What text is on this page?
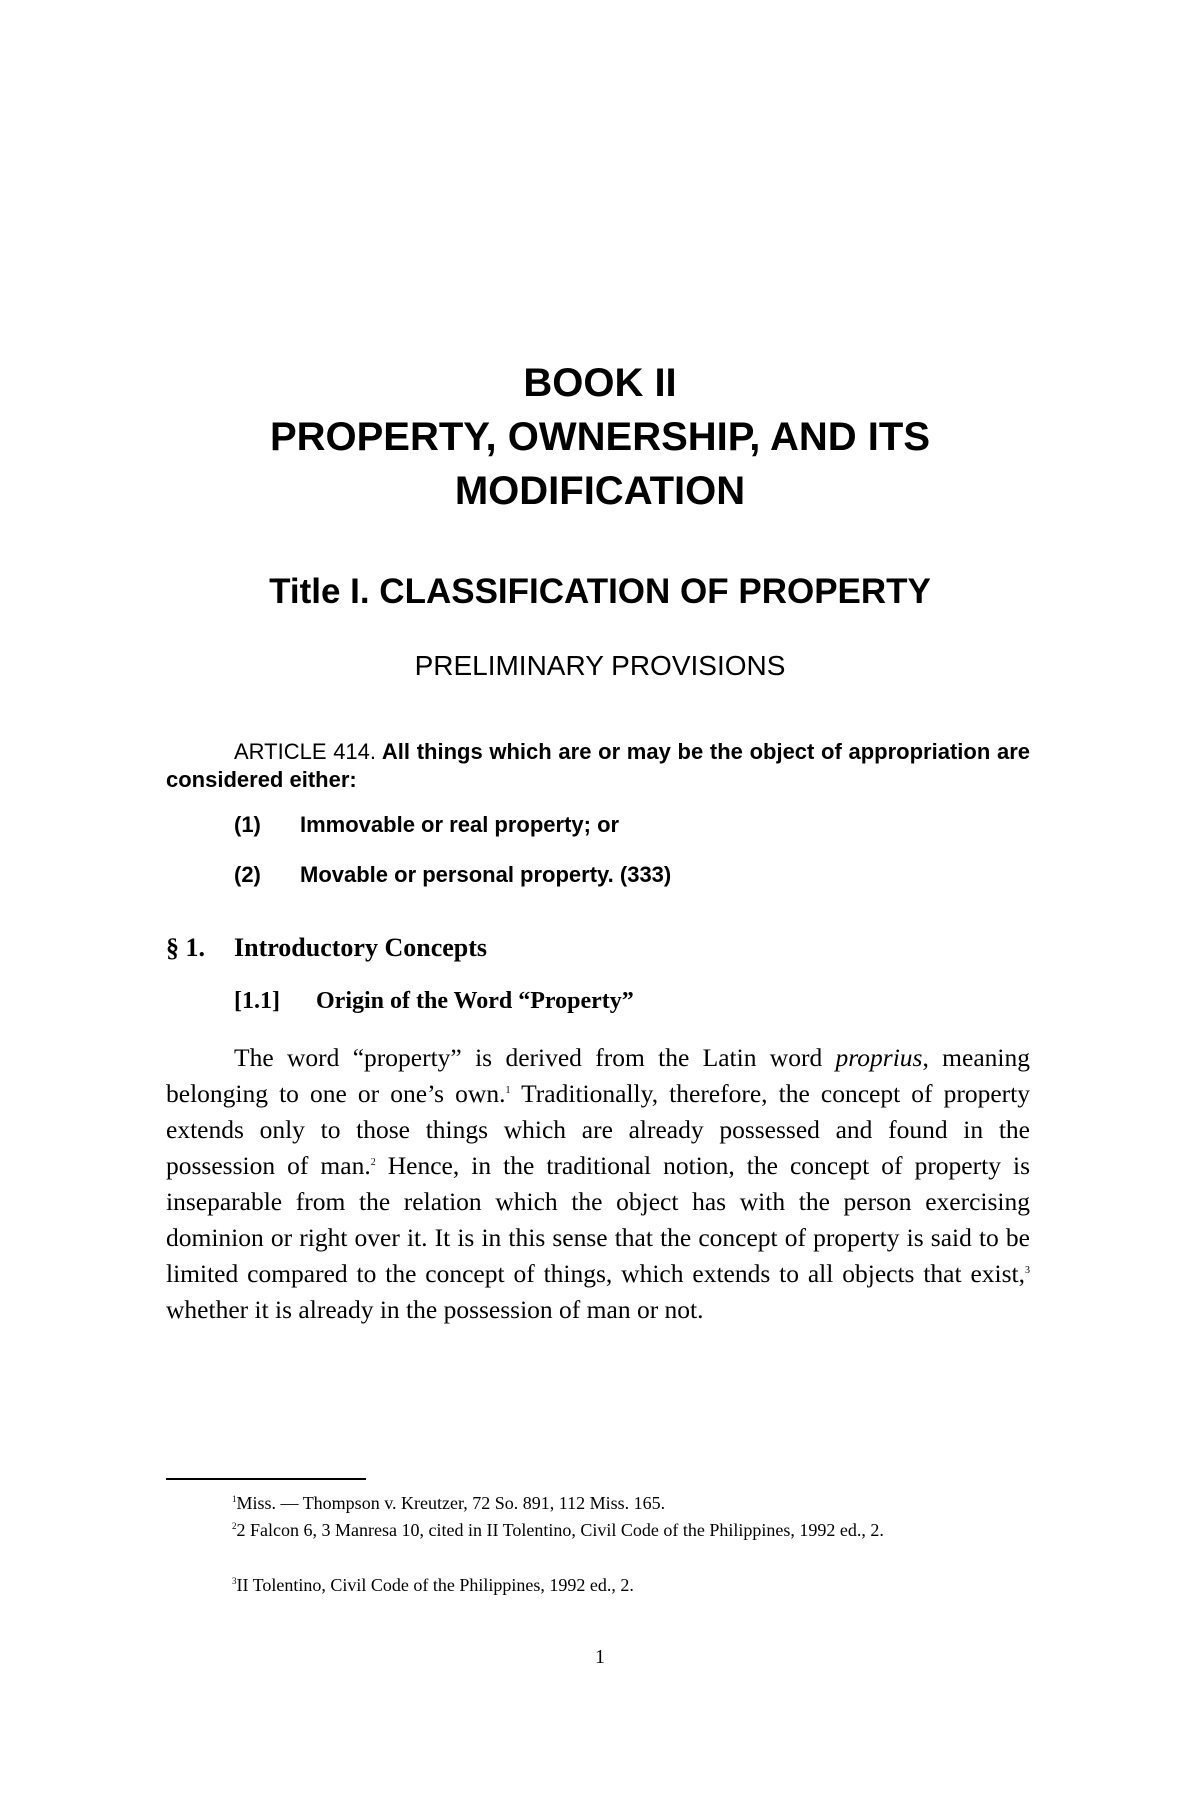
BOOK II

PROPERTY, OWNERSHIP, AND ITS

MODIFICATION

Title I. CLASSIFICATION OF PROPERTY

PRELIMINARY PROVISIONS

ARTICLE 414. All things which are or may be the object of appropriation are considered either:

(1) Immovable or real property; or

(2) Movable or personal property. (333)

§ 1. Introductory Concepts

[1.1] Origin of the Word “Property”

The word “property” is derived from the Latin word proprius, meaning belonging to one or one’s own.$^1$ Traditionally, therefore, the concept of property extends only to those things which are already possessed and found in the possession of man.$^2$ Hence, in the traditional notion, the concept of property is inseparable from the relation which the object has with the person exercising dominion or right over it. It is in this sense that the concept of property is said to be limited compared to the concept of things, which extends to all objects that exist,$^3$ whether it is already in the possession of man or not.

$^1$Miss. — Thompson v. Kreutzer, 72 So. 891, 112 Miss. 165.

$^2$2 Falcon 6, 3 Manresa 10, cited in II Tolentino, Civil Code of the Philippines, 1992 ed., 2.

$^3$II Tolentino, Civil Code of the Philippines, 1992 ed., 2.

1
